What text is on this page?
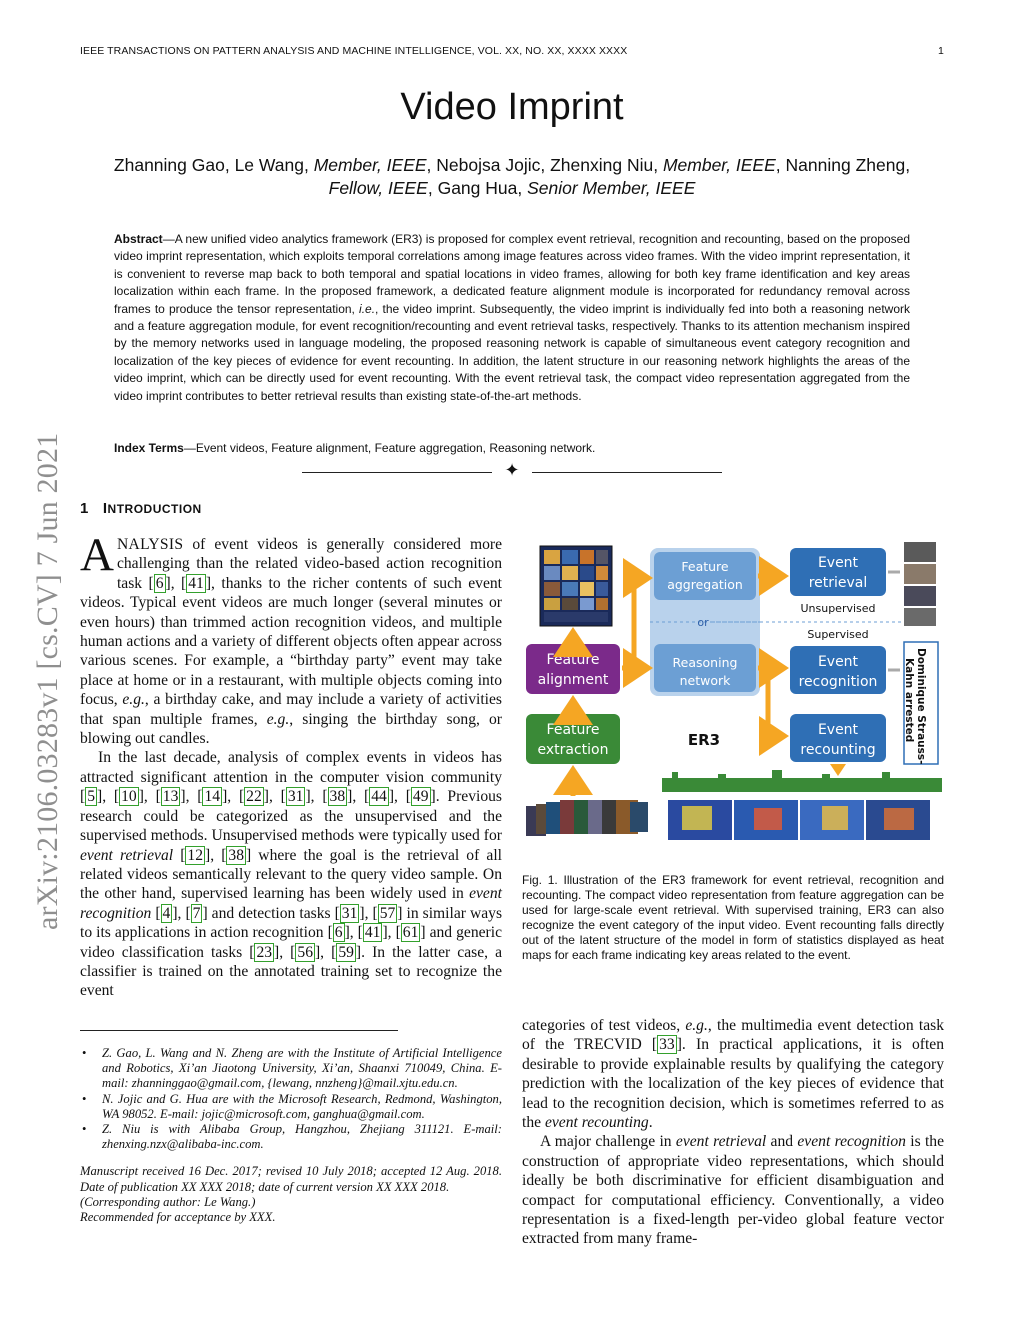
IEEE TRANSACTIONS ON PATTERN ANALYSIS AND MACHINE INTELLIGENCE, VOL. XX, NO. XX, XXXX XXXX	1
arXiv:2106.03283v1 [cs.CV] 7 Jun 2021
Video Imprint
Zhanning Gao, Le Wang, Member, IEEE, Nebojsa Jojic, Zhenxing Niu, Member, IEEE, Nanning Zheng, Fellow, IEEE, Gang Hua, Senior Member, IEEE
Abstract—A new unified video analytics framework (ER3) is proposed for complex event retrieval, recognition and recounting, based on the proposed video imprint representation, which exploits temporal correlations among image features across video frames. With the video imprint representation, it is convenient to reverse map back to both temporal and spatial locations in video frames, allowing for both key frame identification and key areas localization within each frame. In the proposed framework, a dedicated feature alignment module is incorporated for redundancy removal across frames to produce the tensor representation, i.e., the video imprint. Subsequently, the video imprint is individually fed into both a reasoning network and a feature aggregation module, for event recognition/recounting and event retrieval tasks, respectively. Thanks to its attention mechanism inspired by the memory networks used in language modeling, the proposed reasoning network is capable of simultaneous event category recognition and localization of the key pieces of evidence for event recounting. In addition, the latent structure in our reasoning network highlights the areas of the video imprint, which can be directly used for event recounting. With the event retrieval task, the compact video representation aggregated from the video imprint contributes to better retrieval results than existing state-of-the-art methods.
Index Terms—Event videos, Feature alignment, Feature aggregation, Reasoning network.
✦
1 INTRODUCTION

ANALYSIS of event videos is generally considered more challenging than the related video-based action recognition task [ 6 ], [ 41 ], thanks to the richer contents of such event videos. Typical event videos are much longer (several minutes or even hours) than trimmed action recognition videos, and multiple human actions and a variety of different objects often appear across various scenes. For example, a “birthday party” event may take place at home or in a restaurant, with multiple objects coming into focus, e.g., a birthday cake, and may include a variety of activities that span multiple frames, e.g., singing the birthday song, or blowing out candles.

In the last decade, analysis of complex events in videos has attracted significant attention in the computer vision community [ 5 ], [ 10 ], [ 13 ], [ 14 ], [ 22 ], [ 31 ], [ 38 ], [ 44 ], [ 49 ]. Previous research could be categorized as the unsupervised and the supervised methods. Unsupervised methods were typically used for event retrieval [ 12 ], [ 38 ] where the goal is the retrieval of all related videos semantically relevant to the query video sample. On the other hand, supervised learning has been widely used in event recognition [ 4 ], [ 7 ] and detection tasks [ 31 ], [ 57 ] in similar ways to its applications in action recognition [ 6 ], [ 41 ], [ 61 ] and generic video classification tasks [ 23 ], [ 56 ], [ 59 ]. In the latter case, a classifier is trained on the annotated training set to recognize the event

• Z. Gao, L. Wang and N. Zheng are with the Institute of Artificial Intelligence and Robotics, Xi’an Jiaotong University, Xi’an, Shaanxi 710049, China. E-mail: zhanninggao@gmail.com, {lewang, nnzheng}@mail.xjtu.edu.cn.
• N. Jojic and G. Hua are with the Microsoft Research, Redmond, Washington, WA 98052. E-mail: jojic@microsoft.com, ganghua@gmail.com.
• Z. Niu is with Alibaba Group, Hangzhou, Zhejiang 311121. E-mail: zhenxing.nzx@alibaba-inc.com.
Manuscript received 16 Dec. 2017; revised 10 July 2018; accepted 12 Aug. 2018. Date of publication XX XXX 2018; date of current version XX XXX 2018.
(Corresponding author: Le Wang.)
Recommended for acceptance by XXX.
or
Feature
aggregation
Reasoning
network
Feature
alignment
Feature
extraction
ER3
Event
retrieval
Unsupervised
Supervised
Event
recognition
Event
recounting	Dominique Strauss-
Kahn arrested
Fig. 1. Illustration of the ER3 framework for event retrieval, recognition and recounting. The compact video representation from feature aggregation can be used for large-scale event retrieval. With supervised training, ER3 can also recognize the event category of the input video. Event recounting falls directly out of the latent structure of the model in form of statistics displayed as heat maps for each frame indicating key areas related to the event.

categories of test videos, e.g., the multimedia event detection task of the TRECVID [ 33 ]. In practical applications, it is often desirable to provide explainable results by qualifying the category prediction with the localization of the key pieces of evidence that lead to the recognition decision, which is sometimes referred to as the event recounting.

A major challenge in event retrieval and event recognition is the construction of appropriate video representations, which should ideally be both discriminative for efficient disambiguation and compact for computational efficiency. Conventionally, a video representation is a fixed-length per-video global feature vector extracted from many frame-
